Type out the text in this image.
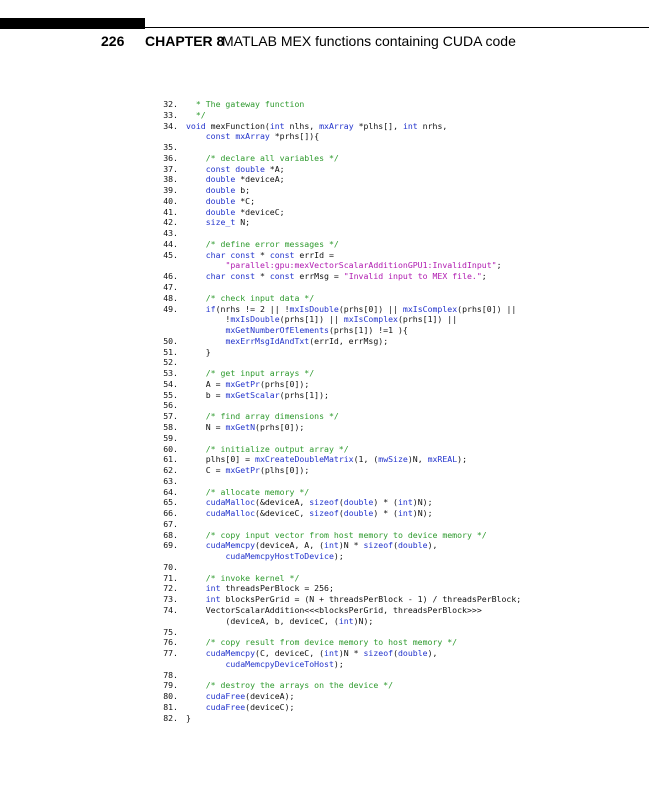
226 CHAPTER 8
MATLAB MEX functions containing CUDA code
32.	* The gateway function
33.	*/
34. void mexFunction(int nlhs, mxArray *plhs[], int nrhs,
const mxArray *prhs[]){
35.
36.	/* declare all variables */
37.	const double *A;
38.	double *deviceA;
39.	double b;
40.	double *C;
41.	double *deviceC;
42.	size_t N;
43.
44.	/* define error messages */
45.	char const * const errId =
"parallel:gpu:mexVectorScalarAdditionGPU1:InvalidInput";
46.	char const * const errMsg = "Invalid input to MEX file.";
47.
48.	/* check input data */
49.	if(nrhs != 2 || !mxIsDouble(prhs[0]) || mxIsComplex(prhs[0]) ||
!mxIsDouble(prhs[1]) || mxIsComplex(prhs[1]) ||
mxGetNumberOfElements(prhs[1]) !=1 ){
50.	mexErrMsgIdAndTxt(errId, errMsg);
51. }
52.
53.	/* get input arrays */
54. A = mxGetPr(prhs[0]);
55. b = mxGetScalar(prhs[1]);
56.
57.	/* find array dimensions */
58. N = mxGetN(prhs[0]);
59.
60.	/* initialize output array */
61. plhs[0] = mxCreateDoubleMatrix(1, (mwSize)N, mxREAL);
62. C = mxGetPr(plhs[0]);
63.
64.	/* allocate memory */
65.	cudaMalloc(&deviceA, sizeof(double) * (int)N);
66.	cudaMalloc(&deviceC, sizeof(double) * (int)N);
67.
68.	/* copy input vector from host memory to device memory */
69.	cudaMemcpy(deviceA, A, (int)N * sizeof(double),
cudaMemcpyHostToDevice);
70.
71.	/* invoke kernel */
72.	int threadsPerBlock = 256;
73.	int blocksPerGrid = (N + threadsPerBlock - 1) / threadsPerBlock;
74. VectorScalarAddition<<<blocksPerGrid, threadsPerBlock>>>
(deviceA, b, deviceC, (int)N);
75.
76.	/* copy result from device memory to host memory */
77.	cudaMemcpy(C, deviceC, (int)N * sizeof(double),
cudaMemcpyDeviceToHost);
78.
79.	/* destroy the arrays on the device */
80.	cudaFree(deviceA);
81.	cudaFree(deviceC);
82. }
